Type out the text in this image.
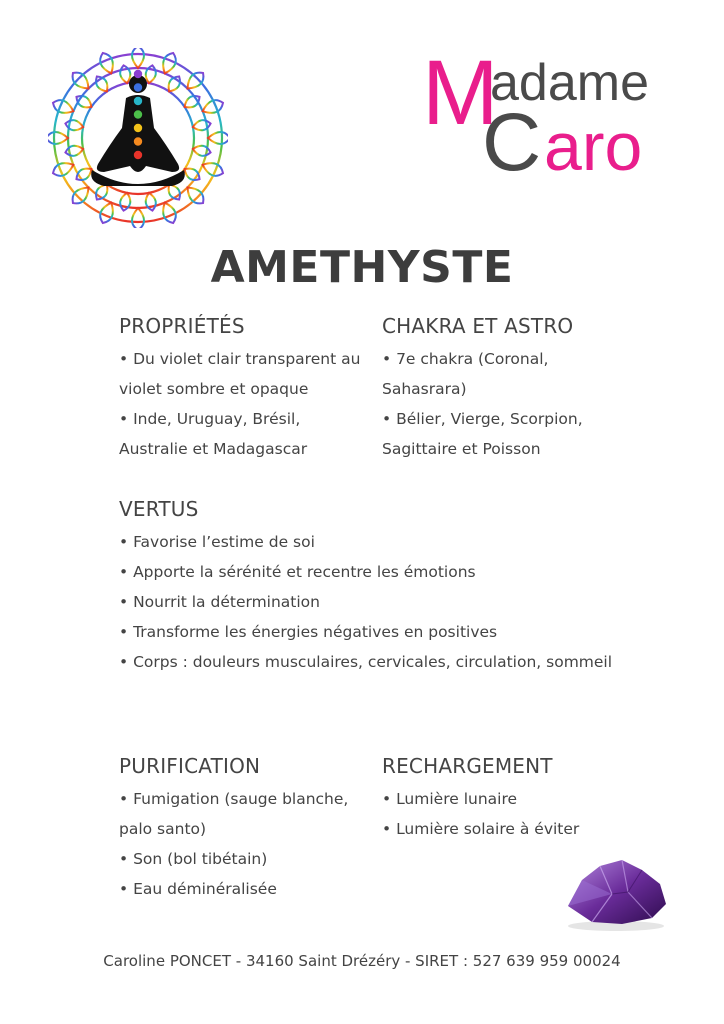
M
adame
C aro
AMETHYSTE
PROPRIÉTÉS
• Du violet clair transparent au
violet sombre et opaque
• Inde, Uruguay, Brésil,
Australie et Madagascar
CHAKRA ET ASTRO
• 7e chakra (Coronal,
Sahasrara)
• Bélier, Vierge, Scorpion,
Sagittaire et Poisson
VERTUS
• Favorise l’estime de soi
• Apporte la sérénité et recentre les émotions
• Nourrit la détermination
• Transforme les énergies négatives en positives
• Corps : douleurs musculaires, cervicales, circulation, sommeil
PURIFICATION
• Fumigation (sauge blanche,
palo santo)
• Son (bol tibétain)
• Eau déminéralisée
RECHARGEMENT
• Lumière lunaire
• Lumière solaire à éviter
Caroline PONCET - 34160 Saint Drézéry - SIRET : 527 639 959 00024
